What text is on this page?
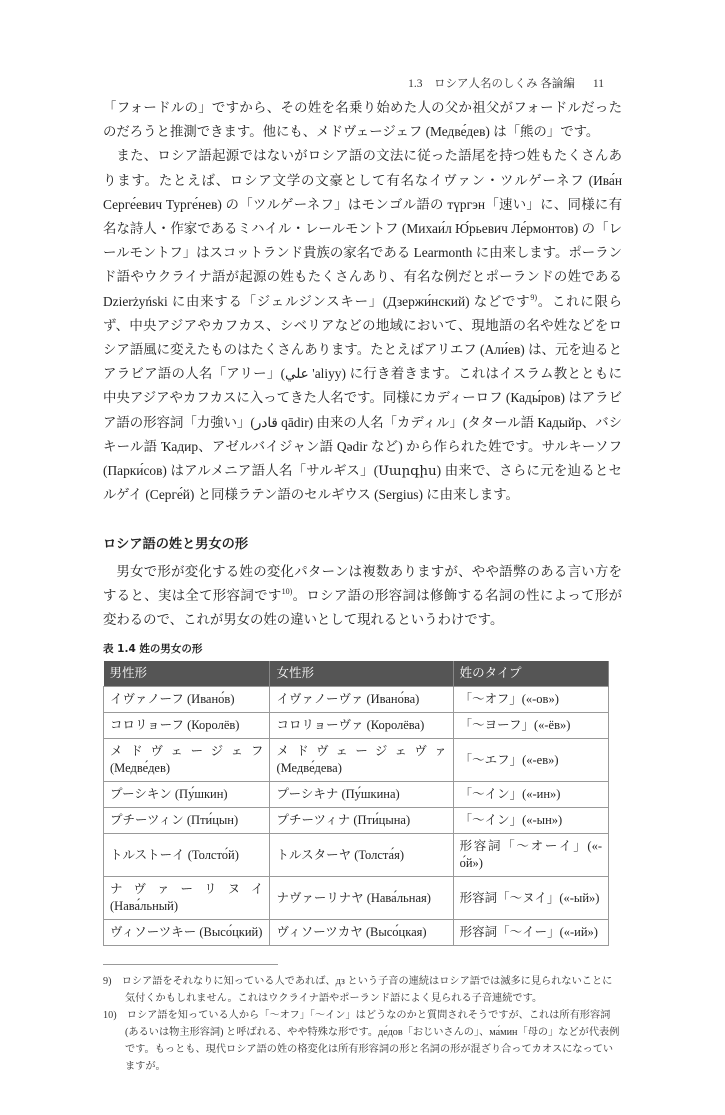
1.3　ロシア人名のしくみ 各論編 11

「フォードルの」ですから、その姓を名乗り始めた人の父か祖父がフォードルだったのだろうと推測できます。他にも、メドヴェージェフ (Медве́дев) は「熊の」です。

また、ロシア語起源ではないがロシア語の文法に従った語尾を持つ姓もたくさんあります。たとえば、ロシア文学の文豪として有名なイヴァン・ツルゲーネフ (Ива́н Серге́евич Турге́нев) の「ツルゲーネフ」はモンゴル語の түргэн「速い」に、同様に有名な詩人・作家であるミハイル・レールモントフ (Михаи́л Ю́рьевич Ле́рмонтов) の「レールモントフ」はスコットランド貴族の家名である Learmonth に由来します。ポーランド語やウクライナ語が起源の姓もたくさんあり、有名な例だとポーランドの姓である Dzierżyński に由来する「ジェルジンスキー」(Дзержи́нский) などです$^{9)}$。これに限らず、中央アジアやカフカス、シベリアなどの地域において、現地語の名や姓などをロシア語風に変えたものはたくさんあります。たとえばアリエフ (Али́ев) は、元を辿るとアラビア語の人名「アリー」(علي 'aliyy) に行き着きます。これはイスラム教とともに中央アジアやカフカスに入ってきた人名です。同様にカディーロフ (Кады́ров) はアラビア語の形容詞「力強い」(قادر qādir) 由来の人名「カディル」(タタール語 Кадыйр、バシキール語 Ҡадир、アゼルバイジャン語 Qədir など) から作られた姓です。サルキーソフ (Парки́сов) はアルメニア語人名「サルギス」(Սարգիս) 由来で、さらに元を辿るとセルゲイ (Серге́й) と同様ラテン語のセルギウス (Sergius) に由来します。

ロシア語の姓と男女の形

男女で形が変化する姓の変化パターンは複数ありますが、やや語弊のある言い方をすると、実は全て形容詞です$^{10)}$。ロシア語の形容詞は修飾する名詞の性によって形が変わるので、これが男女の姓の違いとして現れるというわけです。

表 1.4 姓の男女の形

男性形	女性形	姓のタイプ
イヴァノーフ (Ивано́в)	イヴァノーヴァ (Ивано́ва)	「〜オフ」(«-ов»)
コロリョーフ (Королёв)	コロリョーヴァ (Королёва)	「〜ヨーフ」(«-ёв»)
メドヴェージェフ (Медве́дев)	メドヴェージェヴァ (Медве́дева)	「〜エフ」(«-ев»)
プーシキン (Пу́шкин)	プーシキナ (Пу́шкина)	「〜イン」(«-ин»)
プチーツィン (Пти́цын)	プチーツィナ (Пти́цына)	「〜イン」(«-ын»)
トルストーイ (Толсто́й)	トルスターヤ (Толста́я)	形容詞「〜オーイ」(«-о́й»)
ナヴァーリヌイ (Нава́льный)	ナヴァーリナヤ (Нава́льная)	形容詞「〜ヌイ」(«-ый»)
ヴィソーツキー (Высо́цкий)	ヴィソーツカヤ (Высо́цкая)	形容詞「〜イー」(«-ий»)

9)　 ロシア語をそれなりに知っている人であれば、дз という子音の連続はロシア語では滅多に見られないことに気付くかもしれません。これはウクライナ語やポーランド語によく見られる子音連続です。

10)　 ロシア語を知っている人から「〜オフ」「〜イン」はどうなのかと質問されそうですが、これは所有形容詞 (あるいは物主形容詞) と呼ばれる、やや特殊な形です。де́дов「おじいさんの」、ма́мин「母の」などが代表例です。もっとも、現代ロシア語の姓の格変化は所有形容詞の形と名詞の形が混ざり合ってカオスになっていますが。
